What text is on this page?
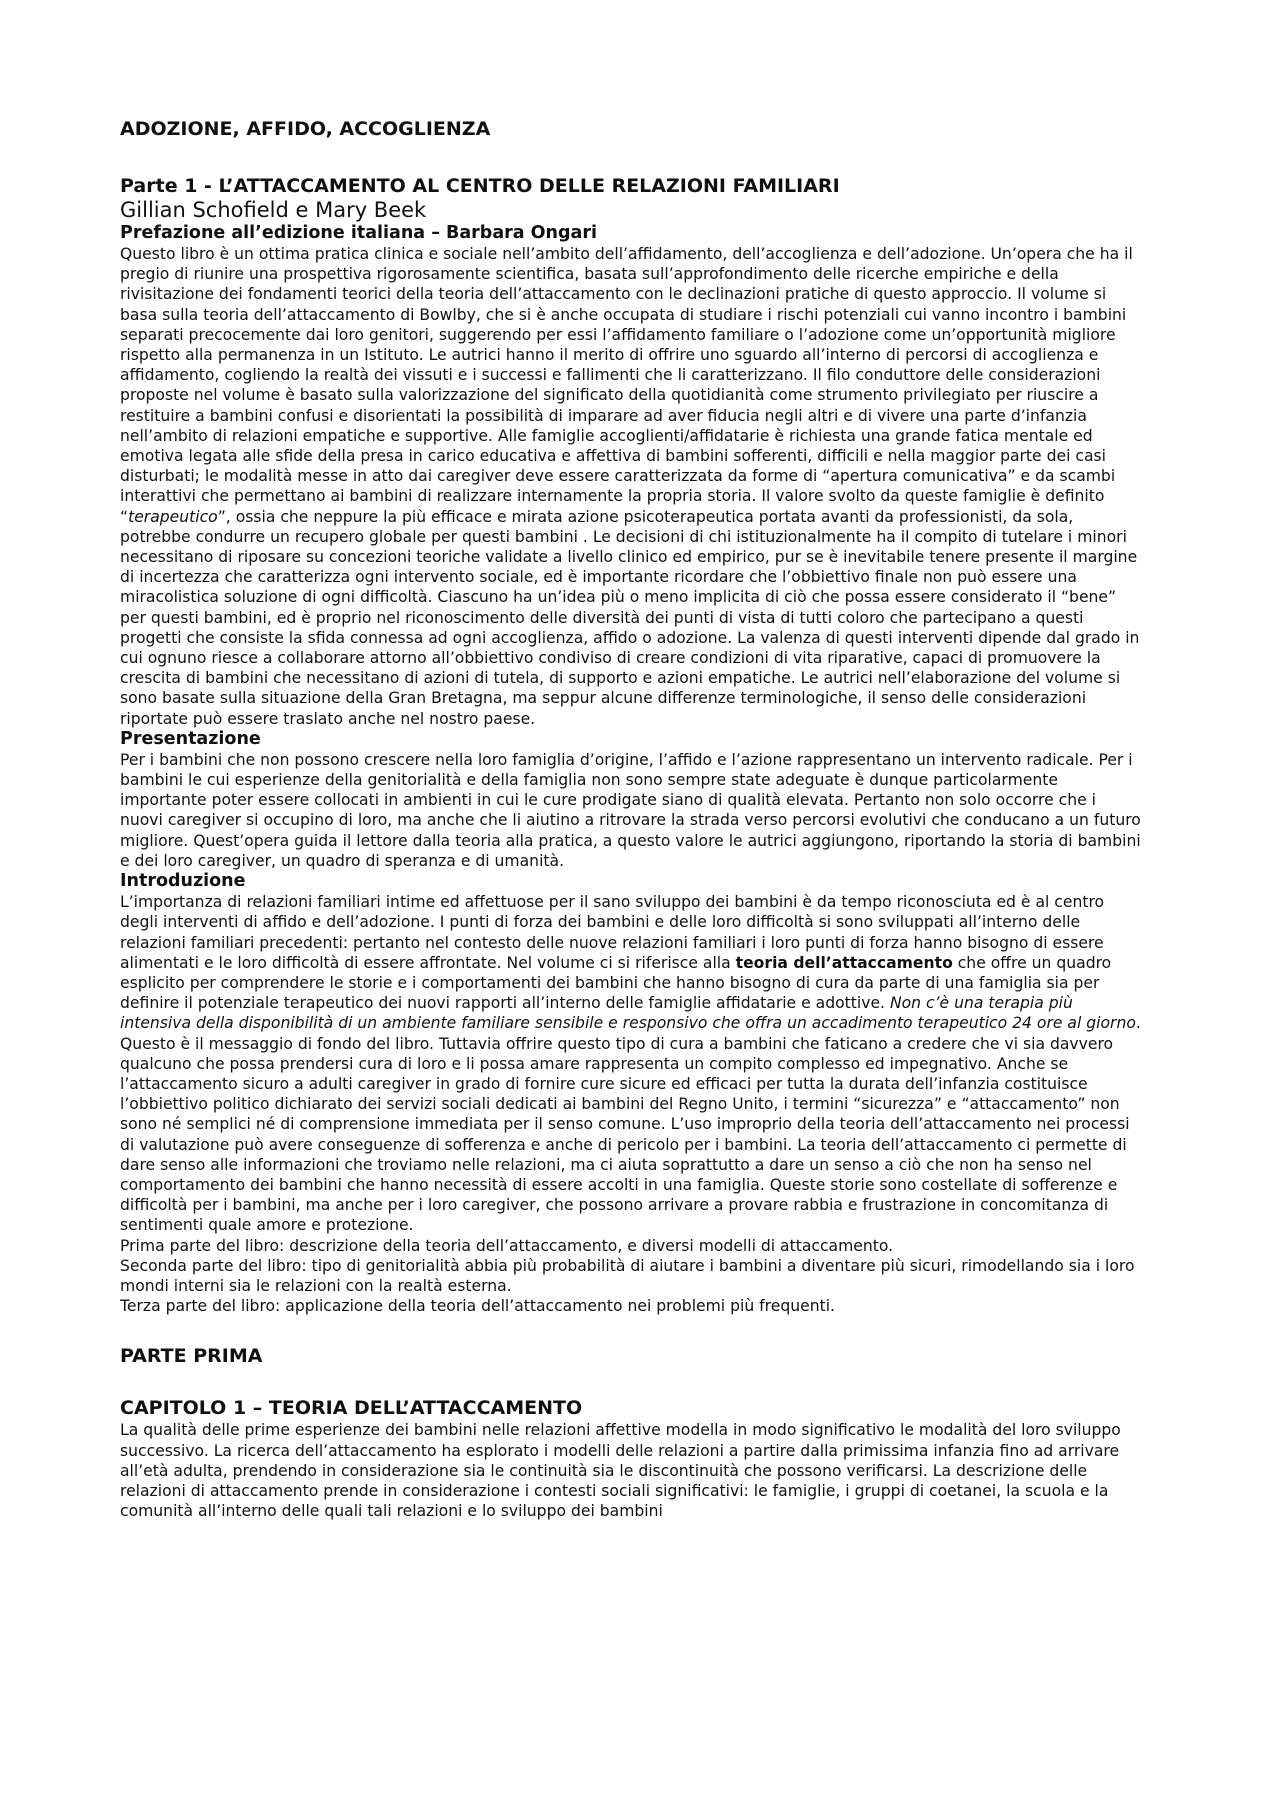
ADOZIONE, AFFIDO, ACCOGLIENZA
Parte 1 - L’ATTACCAMENTO AL CENTRO DELLE RELAZIONI FAMILIARI
Gillian Schofield e Mary Beek
Prefazione all’edizione italiana – Barbara Ongari

Questo libro è un ottima pratica clinica e sociale nell’ambito dell’affidamento, dell’accoglienza e dell’adozione. Un’opera che ha il pregio di riunire una prospettiva rigorosamente scientifica, basata sull’approfondimento delle ricerche empiriche e della rivisitazione dei fondamenti teorici della teoria dell’attaccamento con le declinazioni pratiche di questo approccio. Il volume si basa sulla teoria dell’attaccamento di Bowlby, che si è anche occupata di studiare i rischi potenziali cui vanno incontro i bambini separati precocemente dai loro genitori, suggerendo per essi l’affidamento familiare o l’adozione come un’opportunità migliore rispetto alla permanenza in un Istituto. Le autrici hanno il merito di offrire uno sguardo all’interno di percorsi di accoglienza e affidamento, cogliendo la realtà dei vissuti e i successi e fallimenti che li caratterizzano. Il filo conduttore delle considerazioni proposte nel volume è basato sulla valorizzazione del significato della quotidianità come strumento privilegiato per riuscire a restituire a bambini confusi e disorientati la possibilità di imparare ad aver fiducia negli altri e di vivere una parte d’infanzia nell’ambito di relazioni empatiche e supportive. Alle famiglie accoglienti/affidatarie è richiesta una grande fatica mentale ed emotiva legata alle sfide della presa in carico educativa e affettiva di bambini sofferenti, difficili e nella maggior parte dei casi disturbati; le modalità messe in atto dai caregiver deve essere caratterizzata da forme di “apertura comunicativa” e da scambi interattivi che permettano ai bambini di realizzare internamente la propria storia. Il valore svolto da queste famiglie è definito “terapeutico”, ossia che neppure la più efficace e mirata azione psicoterapeutica portata avanti da professionisti, da sola, potrebbe condurre un recupero globale per questi bambini . Le decisioni di chi istituzionalmente ha il compito di tutelare i minori necessitano di riposare su concezioni teoriche validate a livello clinico ed empirico, pur se è inevitabile tenere presente il margine di incertezza che caratterizza ogni intervento sociale, ed è importante ricordare che l’obbiettivo finale non può essere una miracolistica soluzione di ogni difficoltà. Ciascuno ha un’idea più o meno implicita di ciò che possa essere considerato il “bene” per questi bambini, ed è proprio nel riconoscimento delle diversità dei punti di vista di tutti coloro che partecipano a questi progetti che consiste la sfida connessa ad ogni accoglienza, affido o adozione. La valenza di questi interventi dipende dal grado in cui ognuno riesce a collaborare attorno all’obbiettivo condiviso di creare condizioni di vita riparative, capaci di promuovere la crescita di bambini che necessitano di azioni di tutela, di supporto e azioni empatiche. Le autrici nell’elaborazione del volume si sono basate sulla situazione della Gran Bretagna, ma seppur alcune differenze terminologiche, il senso delle considerazioni riportate può essere traslato anche nel nostro paese.

Presentazione

Per i bambini che non possono crescere nella loro famiglia d’origine, l’affido e l’azione rappresentano un intervento radicale. Per i bambini le cui esperienze della genitorialità e della famiglia non sono sempre state adeguate è dunque particolarmente importante poter essere collocati in ambienti in cui le cure prodigate siano di qualità elevata. Pertanto non solo occorre che i nuovi caregiver si occupino di loro, ma anche che li aiutino a ritrovare la strada verso percorsi evolutivi che conducano a un futuro migliore. Quest’opera guida il lettore dalla teoria alla pratica, a questo valore le autrici aggiungono, riportando la storia di bambini e dei loro caregiver, un quadro di speranza e di umanità.

Introduzione

L’importanza di relazioni familiari intime ed affettuose per il sano sviluppo dei bambini è da tempo riconosciuta ed è al centro degli interventi di affido e dell’adozione. I punti di forza dei bambini e delle loro difficoltà si sono sviluppati all’interno delle relazioni familiari precedenti: pertanto nel contesto delle nuove relazioni familiari i loro punti di forza hanno bisogno di essere alimentati e le loro difficoltà di essere affrontate. Nel volume ci si riferisce alla teoria dell’attaccamento che offre un quadro esplicito per comprendere le storie e i comportamenti dei bambini che hanno bisogno di cura da parte di una famiglia sia per definire il potenziale terapeutico dei nuovi rapporti all’interno delle famiglie affidatarie e adottive. Non c’è una terapia più intensiva della disponibilità di un ambiente familiare sensibile e responsivo che offra un accadimento terapeutico 24 ore al giorno. Questo è il messaggio di fondo del libro. Tuttavia offrire questo tipo di cura a bambini che faticano a credere che vi sia davvero qualcuno che possa prendersi cura di loro e li possa amare rappresenta un compito complesso ed impegnativo. Anche se l’attaccamento sicuro a adulti caregiver in grado di fornire cure sicure ed efficaci per tutta la durata dell’infanzia costituisce l’obbiettivo politico dichiarato dei servizi sociali dedicati ai bambini del Regno Unito, i termini “sicurezza” e “attaccamento” non sono né semplici né di comprensione immediata per il senso comune. L’uso improprio della teoria dell’attaccamento nei processi di valutazione può avere conseguenze di sofferenza e anche di pericolo per i bambini. La teoria dell’attaccamento ci permette di dare senso alle informazioni che troviamo nelle relazioni, ma ci aiuta soprattutto a dare un senso a ciò che non ha senso nel comportamento dei bambini che hanno necessità di essere accolti in una famiglia. Queste storie sono costellate di sofferenze e difficoltà per i bambini, ma anche per i loro caregiver, che possono arrivare a provare rabbia e frustrazione in concomitanza di sentimenti quale amore e protezione.

Prima parte del libro: descrizione della teoria dell’attaccamento, e diversi modelli di attaccamento.

Seconda parte del libro: tipo di genitorialità abbia più probabilità di aiutare i bambini a diventare più sicuri, rimodellando sia i loro mondi interni sia le relazioni con la realtà esterna.

Terza parte del libro: applicazione della teoria dell’attaccamento nei problemi più frequenti.

PARTE PRIMA
CAPITOLO 1 – TEORIA DELL’ATTACCAMENTO

La qualità delle prime esperienze dei bambini nelle relazioni affettive modella in modo significativo le modalità del loro sviluppo successivo. La ricerca dell’attaccamento ha esplorato i modelli delle relazioni a partire dalla primissima infanzia fino ad arrivare all’età adulta, prendendo in considerazione sia le continuità sia le discontinuità che possono verificarsi. La descrizione delle relazioni di attaccamento prende in considerazione i contesti sociali significativi: le famiglie, i gruppi di coetanei, la scuola e la comunità all’interno delle quali tali relazioni e lo sviluppo dei bambini
